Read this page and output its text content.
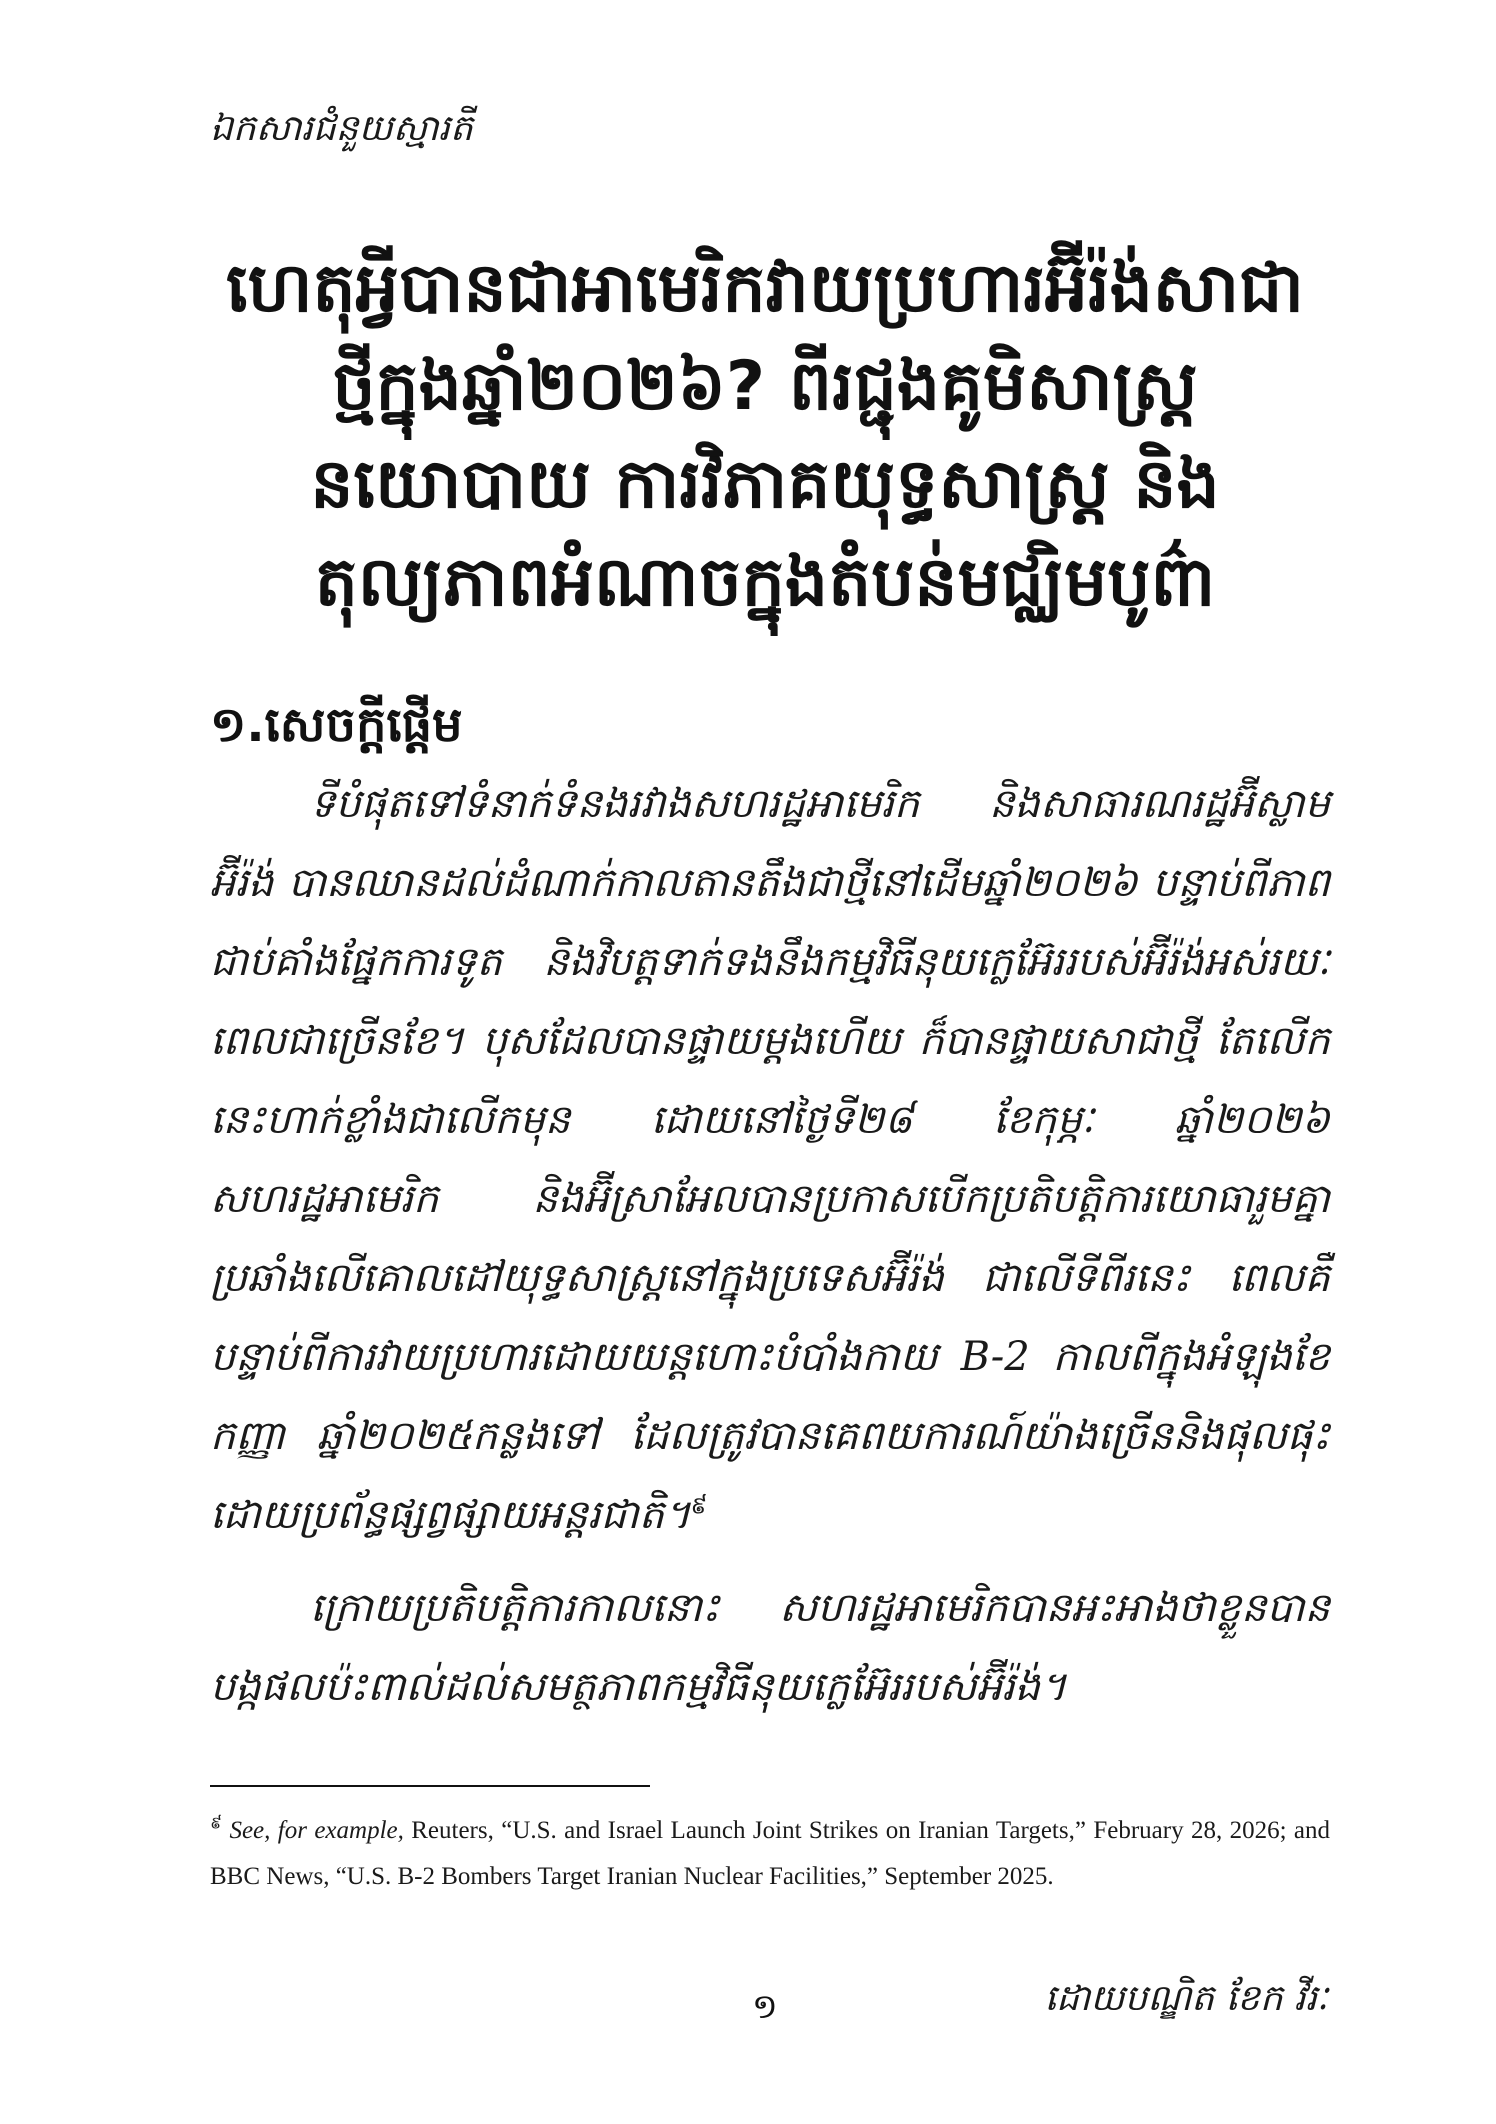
ឯកសារជំនួយស្មារតី
ហេតុអ្វីបានជាអាមេរិកវាយប្រហារអ៊ីរ៉ង់សាជាថ្មីក្នុងឆ្នាំ២០២៦? ពីរជ្ជុងគូមិសាស្ត្រនយោបាយ ការវិភាគយុទ្ធសាស្ត្រ និងតុល្យភាពអំណាចក្នុងតំបន់មជ្ឈិមបូព៌ា
១.សេចក្តីផ្តើម

ទីបំផុតទៅទំនាក់ទំនងរវាងសហរដ្ឋអាមេរិក និងសាធារណរដ្ឋអ៊ីស្លាមអ៊ីរ៉ង់ បានឈានដល់ដំណាក់កាលតានតឹងជាថ្មីនៅដើមឆ្នាំ២០២៦ បន្ទាប់ពីភាពជាប់គាំងផ្នែកការទូត និងវិបត្តទាក់ទងនឹងកម្មវិធីនុយក្លេអ៊ែររបស់អ៊ីរ៉ង់អស់រយៈពេលជាច្រើនខែ។ បុសដែលបានផ្ទាយម្តងហើយ ក៏បានផ្ទាយសាជាថ្មី តែលើកនេះហាក់ខ្លាំងជាលើកមុន ដោយនៅថ្ងៃទី២៨ ខែកុម្ភៈ ឆ្នាំ២០២៦ សហរដ្ឋអាមេរិក និងអ៊ីស្រាអែលបានប្រកាសបើកប្រតិបត្តិការយោធារួមគ្នា ប្រឆាំងលើគោលដៅយុទ្ធសាស្ត្រនៅក្នុងប្រទេសអ៊ីរ៉ង់ ជាលើទីពីរនេះ ពេលគឺបន្ទាប់ពីការវាយប្រហារដោយយន្តហោះបំបាំងកាយ B-2 កាលពីក្នុងអំឡុងខែកញ្ញា ឆ្នាំ២០២៥កន្លងទៅ ដែលត្រូវបានគេពយការណ៍យ៉ាងច្រើននិងផុលផុះដោយប្រព័ន្ធផ្សព្វផ្សាយអន្តរជាតិ។$^៩$

ក្រោយប្រតិបត្តិការកាលនោះ សហរដ្ឋអាមេរិកបានអះអាងថាខ្លួនបានបង្កផលប៉ះពាល់ដល់សមត្ថភាពកម្មវិធីនុយក្លេអ៊ែររបស់អ៊ីរ៉ង់។

$^៩$ See, for example, Reuters, “U.S. and Israel Launch Joint Strikes on Iranian Targets,” February 28, 2026; and BBC News, “U.S. B-2 Bombers Target Iranian Nuclear Facilities,” September 2025.
១	ដោយបណ្ឌិត ខែក វីរៈ
